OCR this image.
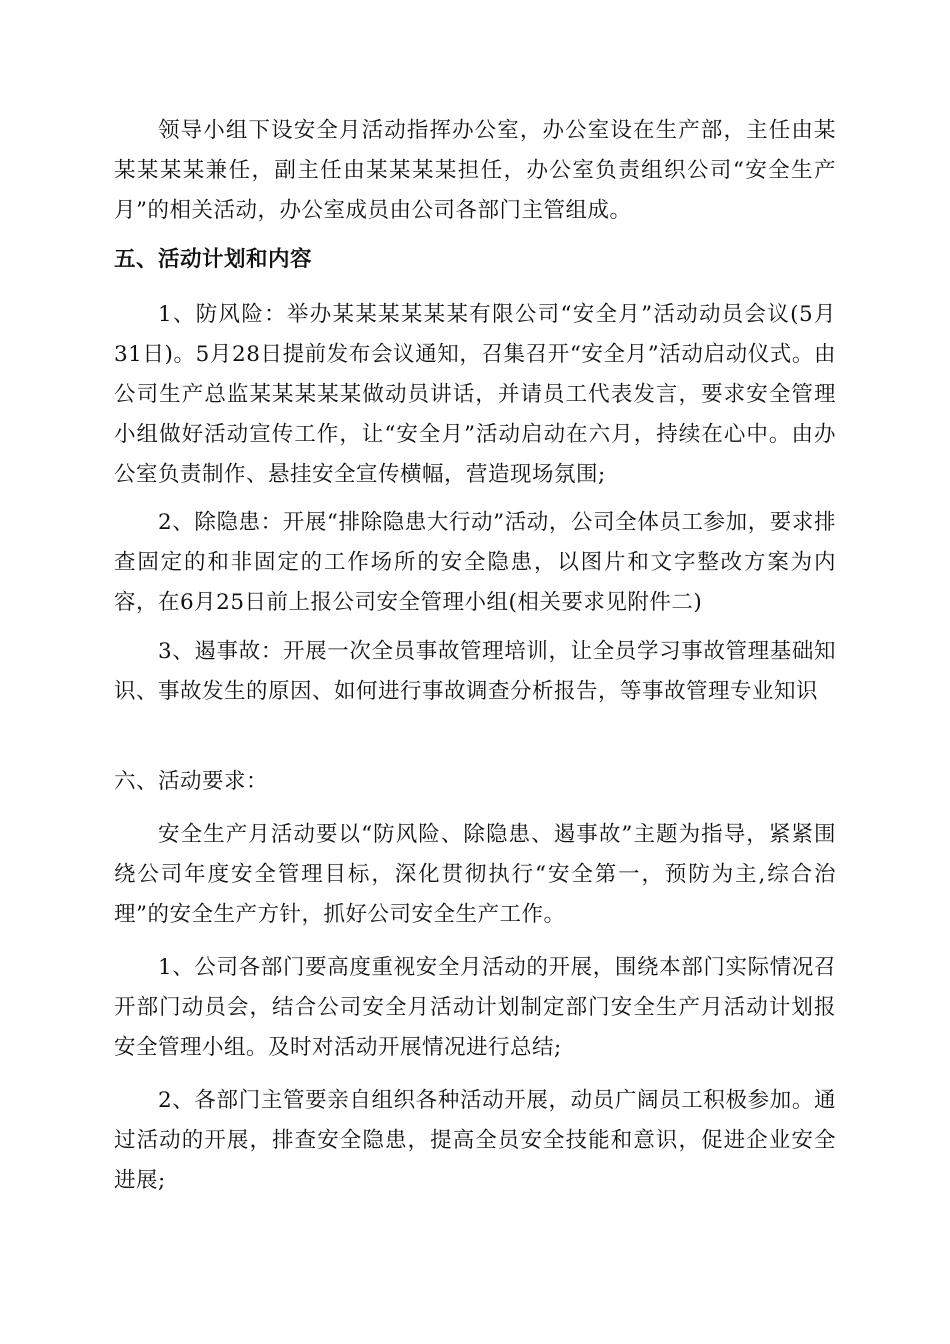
领导小组下设安全月活动指挥办公室，办公室设在生产部，主任由某某某某某兼任，副主任由某某某某担任，办公室负责组织公司“安全生产月”的相关活动，办公室成员由公司各部门主管组成。

五、活动计划和内容

1、防风险：举办某某某某某某有限公司“安全月”活动动员会议(5月31日)。5月28日提前发布会议通知，召集召开“安全月”活动启动仪式。由公司生产总监某某某某某做动员讲话，并请员工代表发言，要求安全管理小组做好活动宣传工作，让“安全月”活动启动在六月，持续在心中。由办公室负责制作、悬挂安全宣传横幅，营造现场氛围;

2、除隐患：开展“排除隐患大行动”活动，公司全体员工参加，要求排查固定的和非固定的工作场所的安全隐患，以图片和文字整改方案为内容，在6月25日前上报公司安全管理小组(相关要求见附件二)

3、遏事故：开展一次全员事故管理培训，让全员学习事故管理基础知识、事故发生的原因、如何进行事故调查分析报告，等事故管理专业知识

六、活动要求：

安全生产月活动要以“防风险、除隐患、遏事故”主题为指导，紧紧围绕公司年度安全管理目标，深化贯彻执行“安全第一，预防为主,综合治理”的安全生产方针，抓好公司安全生产工作。

1、公司各部门要高度重视安全月活动的开展，围绕本部门实际情况召开部门动员会，结合公司安全月活动计划制定部门安全生产月活动计划报安全管理小组。及时对活动开展情况进行总结;

2、各部门主管要亲自组织各种活动开展，动员广阔员工积极参加。通过活动的开展，排查安全隐患，提高全员安全技能和意识，促进企业安全进展;
